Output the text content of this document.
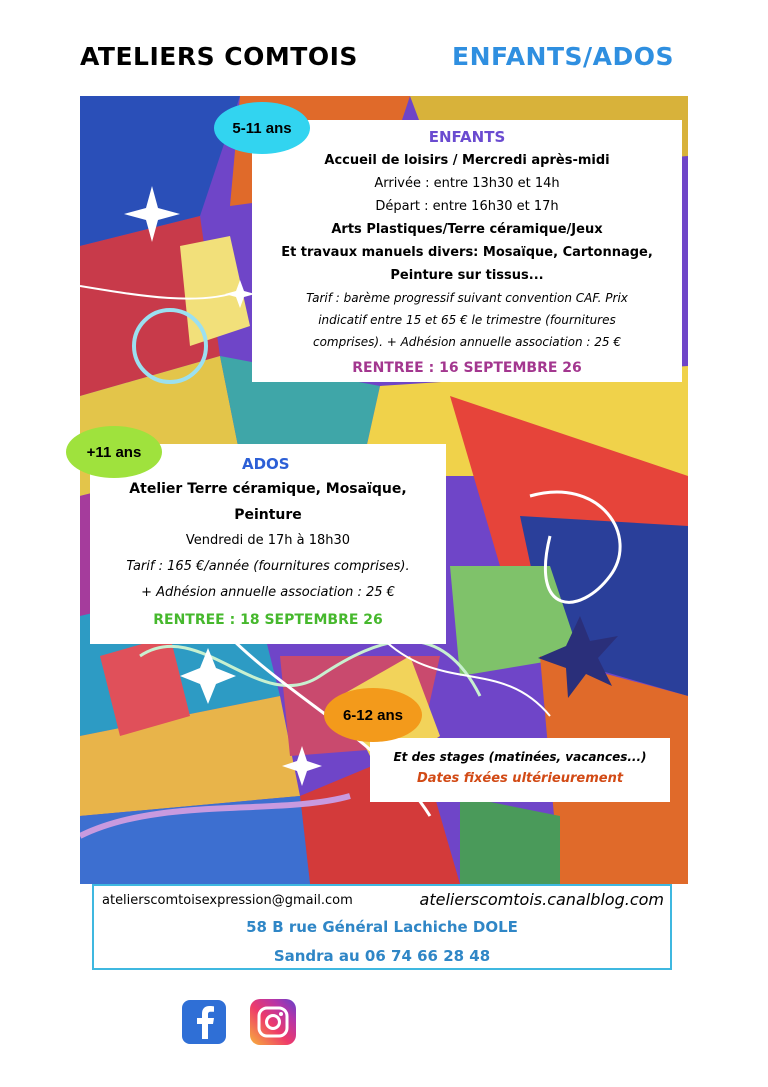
ATELIERS COMTOIS	ENFANTS/ADOS

ENFANTS

Accueil de loisirs / Mercredi après-midi

Arrivée : entre 13h30 et 14h

Départ : entre 16h30 et 17h

Arts Plastiques/Terre céramique/Jeux

Et travaux manuels divers: Mosaïque, Cartonnage,

Peinture sur tissus...

Tarif : barème progressif suivant convention CAF. Prix

indicatif entre 15 et 65 € le trimestre (fournitures

comprises). + Adhésion annuelle association : 25 €

RENTREE : 16 SEPTEMBRE 26

ADOS

Atelier Terre céramique, Mosaïque,

Peinture

Vendredi de 17h à 18h30

Tarif : 165 €/année (fournitures comprises).

+ Adhésion annuelle association : 25 €

RENTREE : 18 SEPTEMBRE 26

Et des stages (matinées, vacances...)

Dates fixées ultérieurement

5-11 ans
+11 ans
6-12 ans
atelierscomtoisexpression@gmail.com	atelierscomtois.canalblog.com
58 B rue Général Lachiche DOLE
Sandra au 06 74 66 28 48
